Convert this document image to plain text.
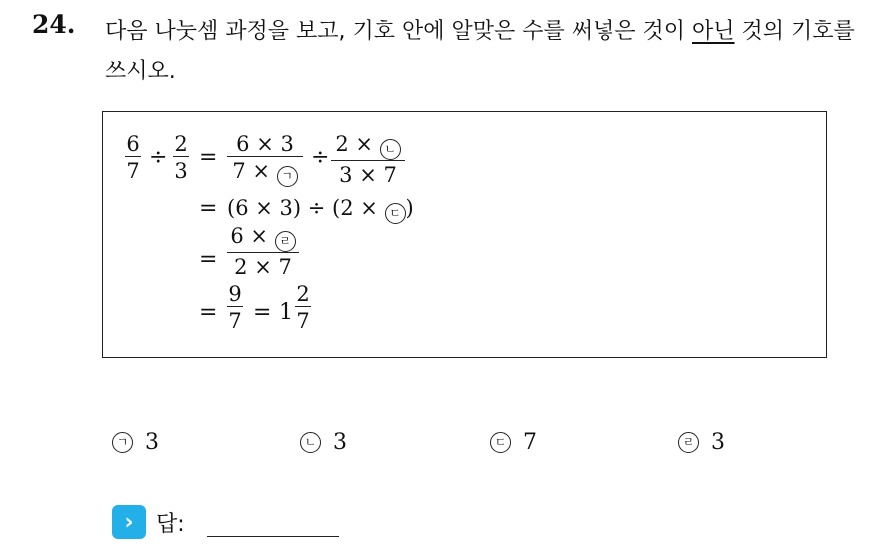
24. 다음 나눗셈 과정을 보고, 기호 안에 알맞은 수를 써넣은 것이 아닌 것의 기호를 쓰시오.
$\frac{6}{7} \div \frac{2}{3}$ =
6 × 3
7 × ㄱ
÷
2 × ㄴ
3 × 7
= (6 × 3) ÷ (2 × ㄷ )
=
6 × ㄹ
2 × 7
= $\frac{9}{7} = 1 \frac{2}{7}$
ㄱ 3	ㄴ 3	ㄷ 7	ㄹ 3
›	답:
